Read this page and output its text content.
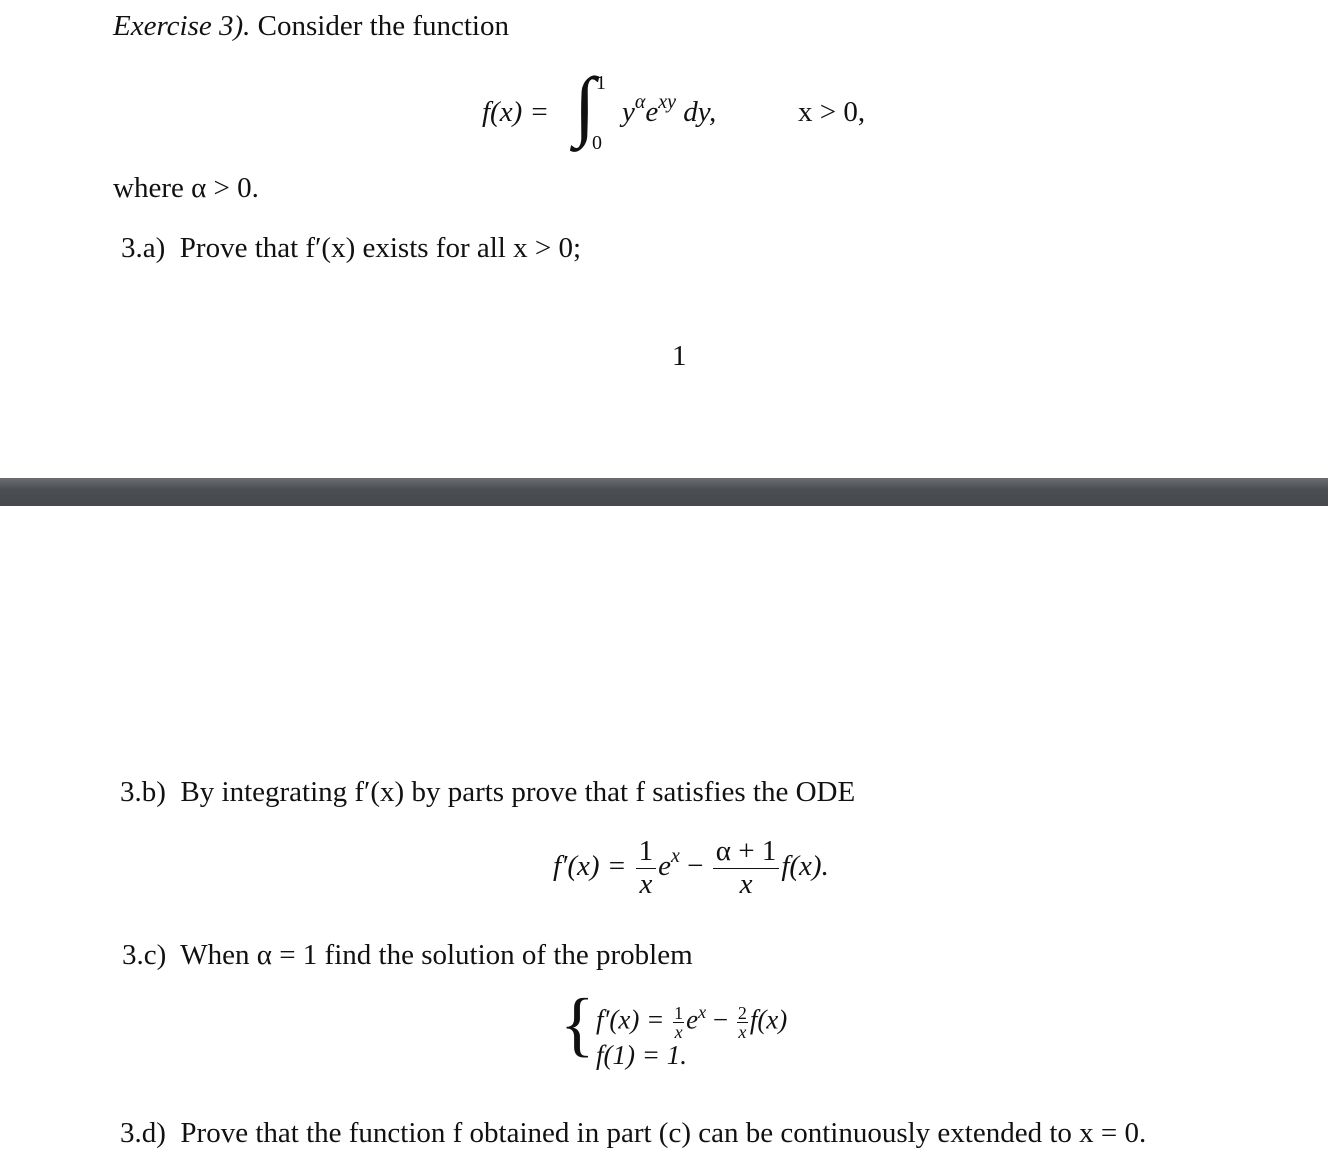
Exercise 3). Consider the function
f(x) = ∫ 1
0
$y^\alpha e^{xy}$ dy,	x > 0,
where α > 0.
3.a) Prove that f′(x) exists for all x > 0;
1
3.b) By integrating f′(x) by parts prove that f satisfies the ODE
$f'(x) = \frac{1}{x} e^x - \frac{\alpha + 1}{x} f(x)$.
3.c) When α = 1 find the solution of the problem
{ $f'(x) = \frac{1}{x} e^x - \frac{2}{x} f(x)$
f(1) = 1.
3.d) Prove that the function f obtained in part (c) can be continuously extended to x = 0.
